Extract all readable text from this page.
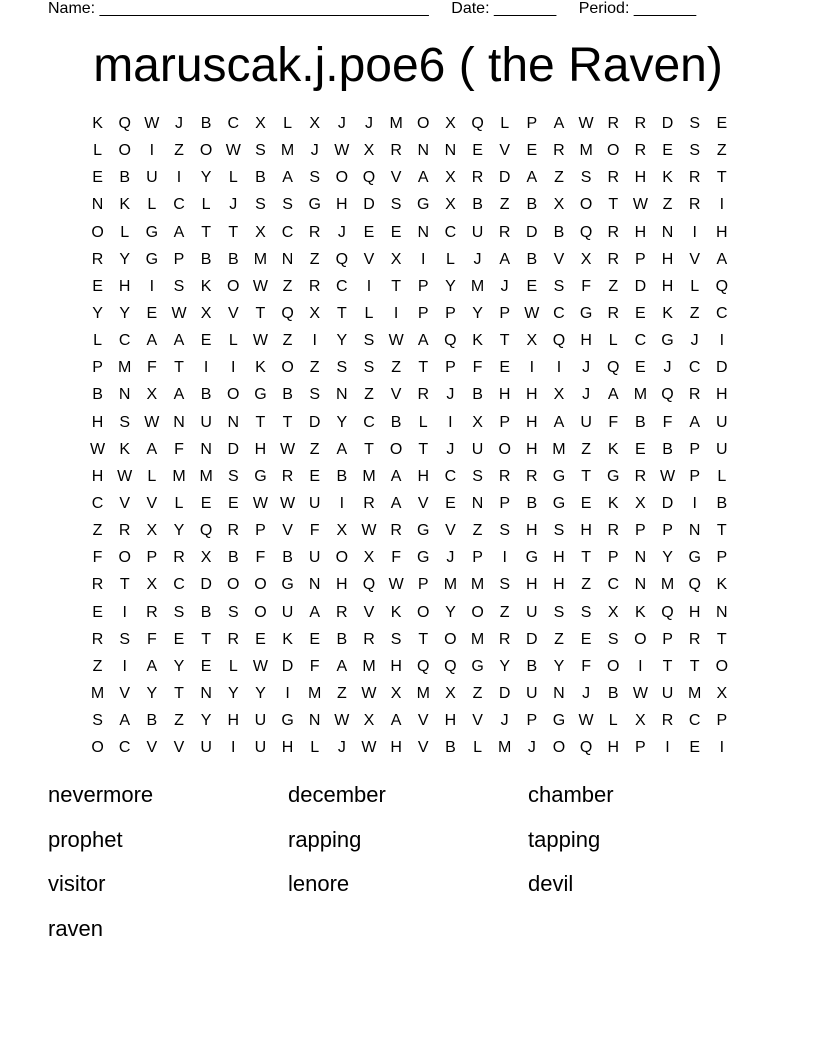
Name: _____________________________________ Date: _______ Period: _______
maruscak.j.poe6 ( the Raven)
K Q W J	B	C	X	L	X	J	J	M O X Q	L	P	A W R R D	S	E
L	O	I	Z	O W S M	J W X	R N N	E	V	E	R M O R	E	S	Z
E	B	U	I	Y	L	B	A	S O Q V	A	X	R D	A	Z	S	R H	K	R	T
N	K	L	C	L	J	S	S G H D	S G X	B	Z	B	X O	T W Z	R	I
O	L	G A	T	T	X	C R	J	E	E	N C U R D	B Q R H N	I	H
R	Y G P	B	B M N	Z	Q V	X	I	L	J	A	B	V	X	R	P	H	V	A
E	H	I	S	K O W Z	R C	I	T	P	Y M	J	E	S	F	Z	D H	L	Q
Y	Y	E W X	V	T	Q X	T	L	I	P	P	Y	P W C G R	E	K	Z	C
L	C	A	A	E	L W Z	I	Y	S W A Q K	T	X Q H	L	C G	J	I
P M F	T	I	I	K O	Z	S	S	Z	T	P	F	E	I	I	J	Q E	J	C D
B	N	X	A	B O G B	S	N	Z	V	R	J	B	H H	X	J	A M Q R H
H	S W N U N	T	T	D	Y	C	B	L	I	X	P	H	A	U	F	B	F	A	U
W K	A	F	N D H W Z	A	T	O	T	J	U O H M Z	K	E	B	P	U
H W L	M M S G R	E	B M A	H C	S	R R G	T	G R W P	L
C	V	V	L	E	E W W U	I	R	A	V	E	N	P	B G E	K	X	D	I	B
Z	R	X	Y Q R	P	V	F	X W R G V	Z	S	H	S	H R	P	P	N	T
F	O P	R	X	B	F	B	U O X	F	G	J	P	I	G H	T	P	N	Y G P
R	T	X	C D O O G N H Q W P M M S	H H	Z	C N M Q K
E	I	R	S	B	S O U	A	R	V	K O Y O	Z	U	S	S	X	K Q H N
R	S	F	E	T	R	E	K	E	B	R	S	T	O M R D	Z	E	S O P	R	T
Z	I	A	Y	E	L W D	F	A M H Q Q G Y	B	Y	F	O	I	T	T	O
M V	Y	T	N	Y	Y	I	M Z W X M X	Z	D U N	J	B W U M X
S	A	B	Z	Y	H U G N W X	A	V	H	V	J	P G W L	X	R C	P
O C	V	V	U	I	U H	L	J W H	V	B	L	M	J	O Q H	P	I	E	I
nevermore	december	chamber
prophet	rapping	tapping
visitor	lenore	devil
raven
